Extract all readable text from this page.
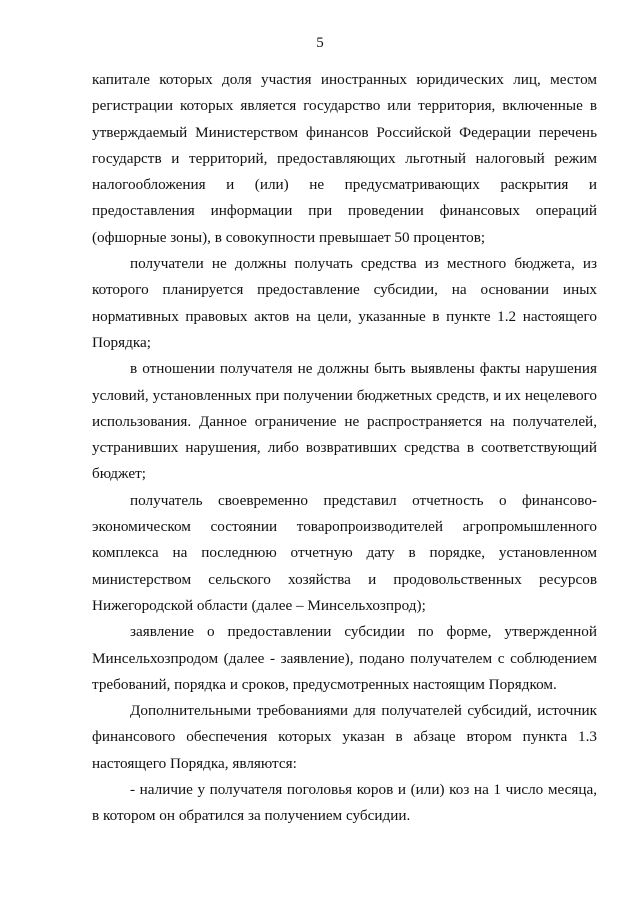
5

капитале которых доля участия иностранных юридических лиц, местом регистрации которых является государство или территория, включенные в утверждаемый Министерством финансов Российской Федерации перечень государств и территорий, предоставляющих льготный налоговый режим налогообложения и (или) не предусматривающих раскрытия и предоставления информации при проведении финансовых операций (офшорные зоны), в совокупности превышает 50 процентов;

получатели не должны получать средства из местного бюджета, из которого планируется предоставление субсидии, на основании иных нормативных правовых актов на цели, указанные в пункте 1.2 настоящего Порядка;

в отношении получателя не должны быть выявлены факты нарушения условий, установленных при получении бюджетных средств, и их нецелевого использования. Данное ограничение не распространяется на получателей, устранивших нарушения, либо возвративших средства в соответствующий бюджет;

получатель своевременно представил отчетность о финансово-экономическом состоянии товаропроизводителей агропромышленного комплекса на последнюю отчетную дату в порядке, установленном министерством сельского хозяйства и продовольственных ресурсов Нижегородской области (далее – Минсельхозпрод);

заявление о предоставлении субсидии по форме, утвержденной Минсельхозпродом (далее - заявление), подано получателем с соблюдением требований, порядка и сроков, предусмотренных настоящим Порядком.

Дополнительными требованиями для получателей субсидий, источник финансового обеспечения которых указан в абзаце втором пункта 1.3 настоящего Порядка, являются:

- наличие у получателя поголовья коров и (или) коз на 1 число месяца, в котором он обратился за получением субсидии.
